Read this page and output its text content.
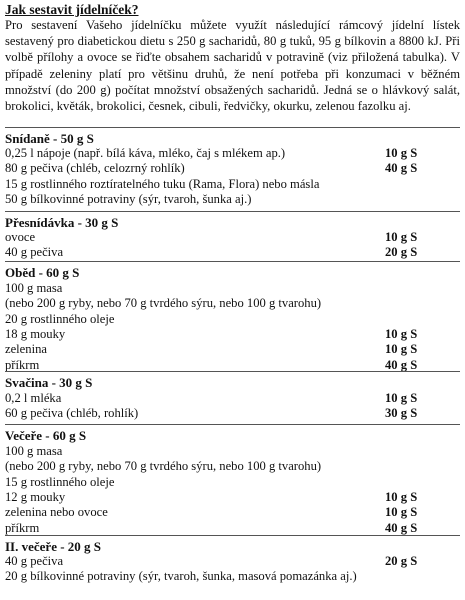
Jak sestavit jídelníček?
Pro sestavení Vašeho jídelníčku můžete využít následující rámcový jídelní lístek sestavený pro diabetickou dietu s 250 g sacharidů, 80 g tuků, 95 g bílkovin a 8800 kJ. Při volbě přílohy a ovoce se řiďte obsahem sacharidů v potravině (viz přiložená tabulka). V případě zeleniny platí pro většinu druhů, že není potřeba při konzumaci v běžném množství (do 200 g) počítat množství obsažených sacharidů. Jedná se o hlávkový salát, brokolici, květák, brokolici, česnek, cibuli, ředvičky, okurku, zelenou fazolku aj.
Snídaně - 50 g S
0,25 l nápoje (např. bílá káva, mléko, čaj s mlékem ap.)	10 g S
80 g pečiva (chléb, celozrný rohlík)	40 g S
15 g rostlinného roztíratelného tuku (Rama, Flora) nebo másla
50 g bílkovinné potraviny (sýr, tvaroh, šunka aj.)
Přesnídávka - 30 g S
ovoce	10 g S
40 g pečiva	20 g S
Oběd - 60 g S
100 g masa
(nebo 200 g ryby, nebo 70 g tvrdého sýru, nebo 100 g tvarohu)
20 g rostlinného oleje
18 g mouky	10 g S
zelenina	10 g S
příkrm	40 g S
Svačina - 30 g S
0,2 l mléka	10 g S
60 g pečiva (chléb, rohlík)	30 g S
Večeře - 60 g S
100 g masa
(nebo 200 g ryby, nebo 70 g tvrdého sýru, nebo 100 g tvarohu)
15 g rostlinného oleje
12 g mouky	10 g S
zelenina nebo ovoce	10 g S
příkrm	40 g S
II. večeře - 20 g S
40 g pečiva	20 g S
20 g bílkovinné potraviny (sýr, tvaroh, šunka, masová pomazánka aj.)
